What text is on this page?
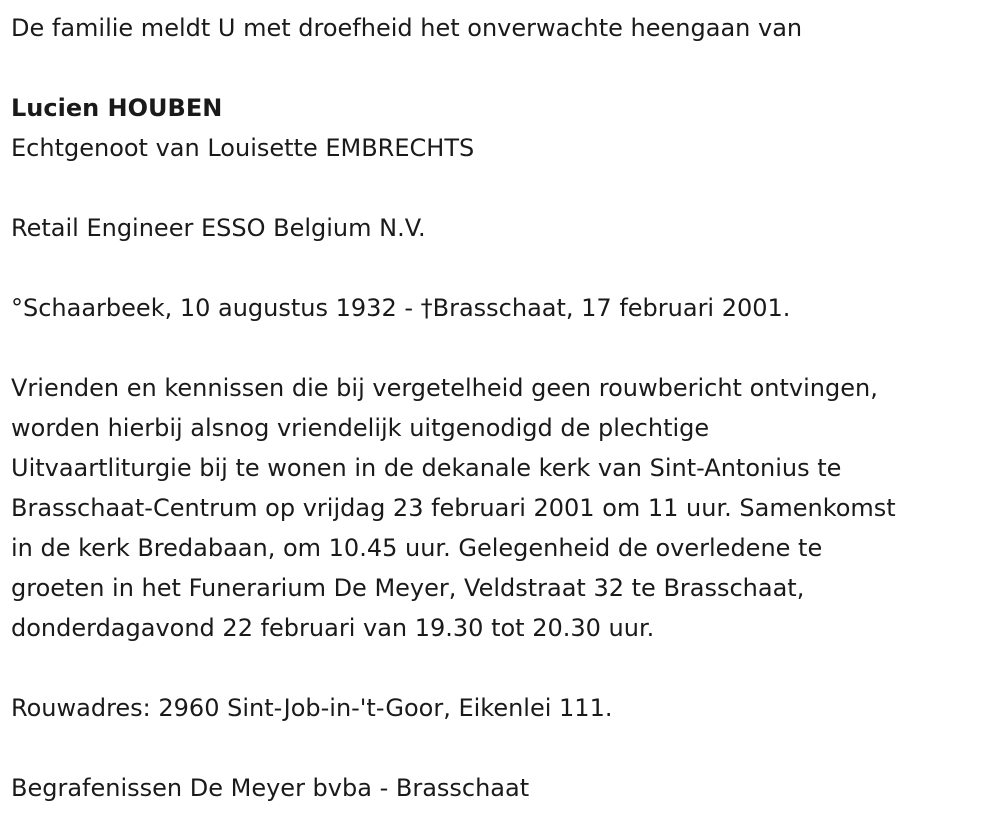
De familie meldt U met droefheid het onverwachte heengaan van
Lucien HOUBEN
Echtgenoot van Louisette EMBRECHTS
Retail Engineer ESSO Belgium N.V.
°Schaarbeek, 10 augustus 1932 - †Brasschaat, 17 februari 2001.
Vrienden en kennissen die bij vergetelheid geen rouwbericht ontvingen,
worden hierbij alsnog vriendelijk uitgenodigd de plechtige
Uitvaartliturgie bij te wonen in de dekanale kerk van Sint-Antonius te
Brasschaat-Centrum op vrijdag 23 februari 2001 om 11 uur. Samenkomst
in de kerk Bredabaan, om 10.45 uur. Gelegenheid de overledene te
groeten in het Funerarium De Meyer, Veldstraat 32 te Brasschaat,
donderdagavond 22 februari van 19.30 tot 20.30 uur.
Rouwadres: 2960 Sint-Job-in-'t-Goor, Eikenlei 111.
Begrafenissen De Meyer bvba - Brasschaat
